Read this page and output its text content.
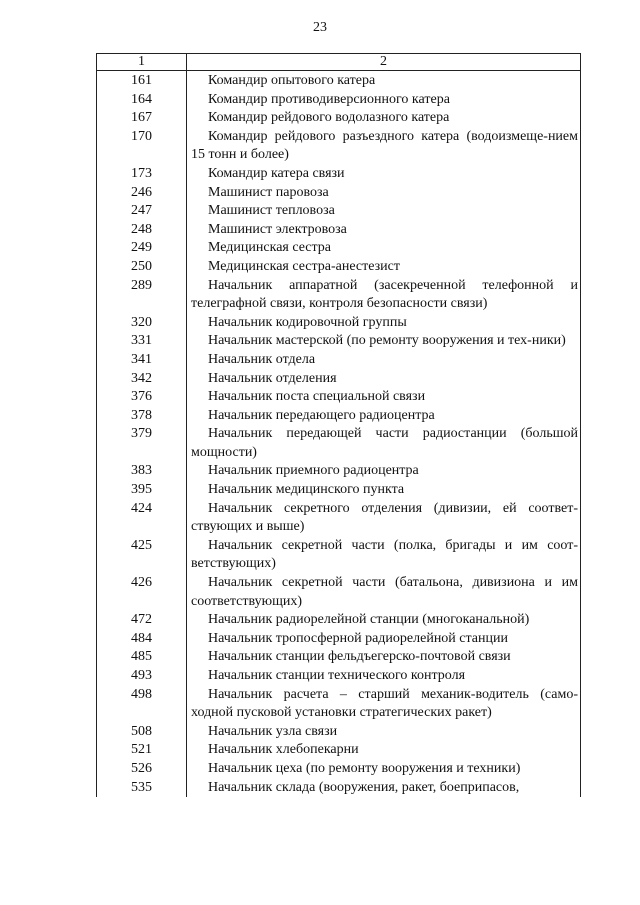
23
1	2
161	Командир опытового катера
164	Командир противодиверсионного катера
167	Командир рейдового водолазного катера
170	Командир рейдового разъездного катера (водоизмеще-нием 15 тонн и более)
173	Командир катера связи
246	Машинист паровоза
247	Машинист тепловоза
248	Машинист электровоза
249	Медицинская сестра
250	Медицинская сестра-анестезист
289	Начальник аппаратной (засекреченной телефонной и телеграфной связи, контроля безопасности связи)
320	Начальник кодировочной группы
331	Начальник мастерской (по ремонту вооружения и тех-ники)
341	Начальник отдела
342	Начальник отделения
376	Начальник поста специальной связи
378	Начальник передающего радиоцентра
379	Начальник передающей части радиостанции (большой мощности)
383	Начальник приемного радиоцентра
395	Начальник медицинского пункта
424	Начальник секретного отделения (дивизии, ей соответ-ствующих и выше)
425	Начальник секретной части (полка, бригады и им соот-ветствующих)
426	Начальник секретной части (батальона, дивизиона и им соответствующих)
472	Начальник радиорелейной станции (многоканальной)
484	Начальник тропосферной радиорелейной станции
485	Начальник станции фельдъегерско-почтовой связи
493	Начальник станции технического контроля
498	Начальник расчета – старший механик-водитель (само-ходной пусковой установки стратегических ракет)
508	Начальник узла связи
521	Начальник хлебопекарни
526	Начальник цеха (по ремонту вооружения и техники)
535	Начальник склада (вооружения, ракет, боеприпасов,
